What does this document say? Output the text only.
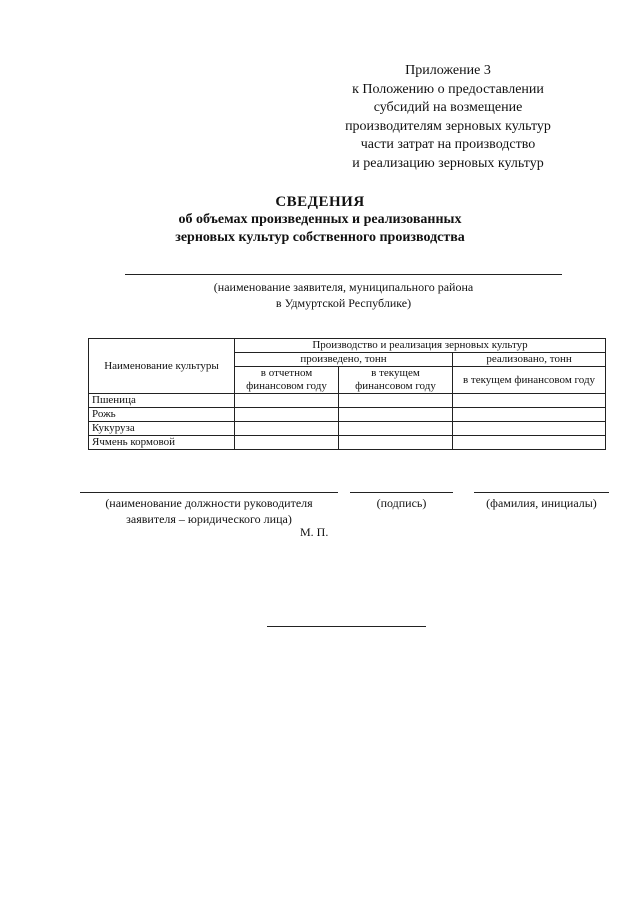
Приложение 3
к Положению о предоставлении
субсидий на возмещение
производителям зерновых культур
части затрат на производство
и реализацию зерновых культур
СВЕДЕНИЯ
об объемах произведенных и реализованных
зерновых культур собственного производства
(наименование заявителя, муниципального района
в Удмуртской Республике)
Наименование культуры	Производство и реализация зерновых культур		
	произведено, тонн		реализовано, тонн
	в отчетном финансовом году	в текущем финансовом году	в текущем финансовом году
Пшеница			
Рожь			
Кукуруза			
Ячмень кормовой			
(наименование должности руководителя
заявителя – юридического лица)
(подпись)	(фамилия, инициалы)
М. П.
